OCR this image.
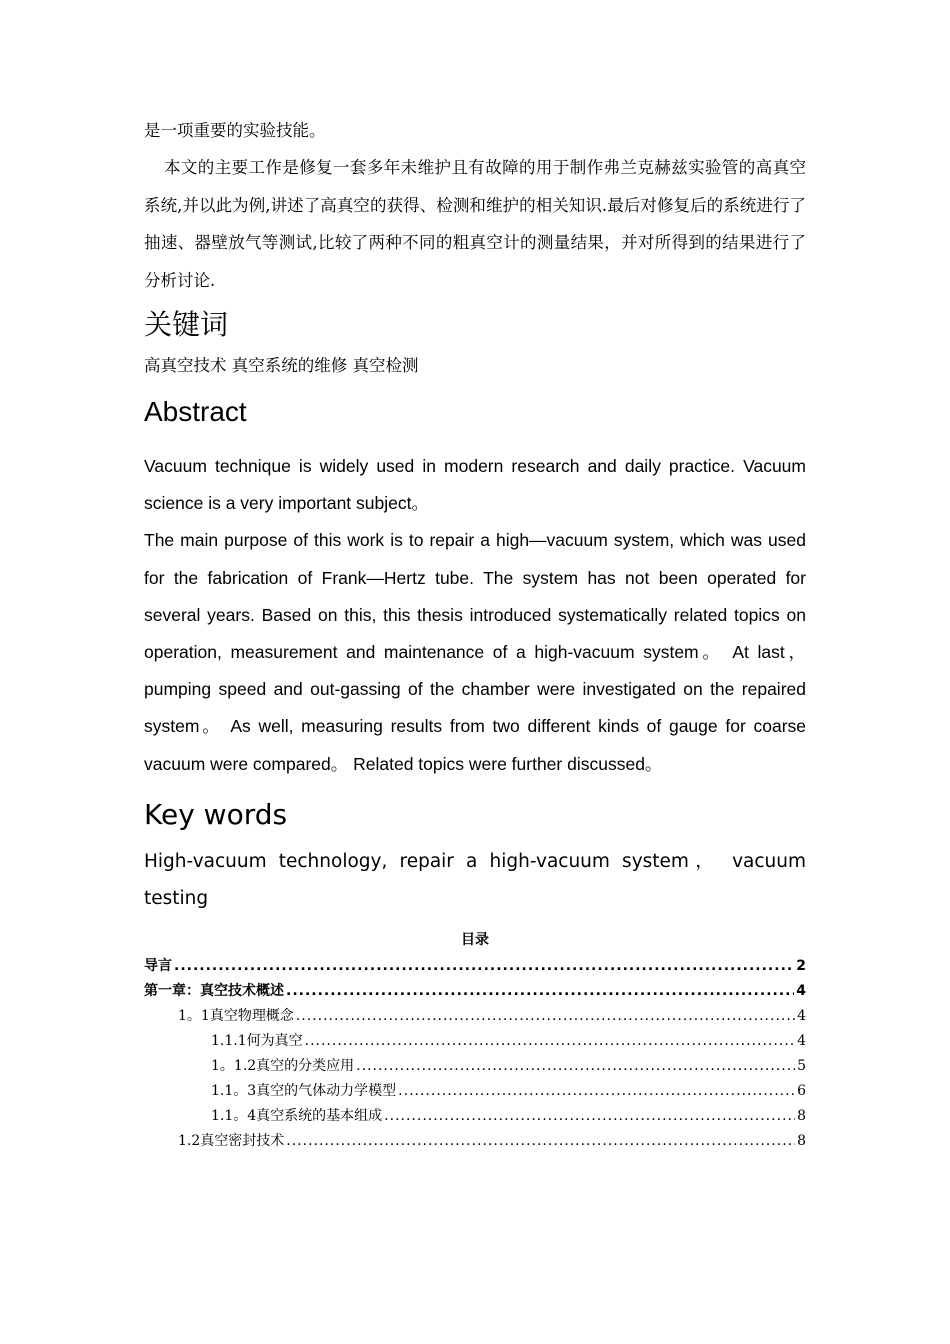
是一项重要的实验技能。

本文的主要工作是修复一套多年未维护且有故障的用于制作弗兰克赫兹实验管的高真空系统,并以此为例,讲述了高真空的获得、检测和维护的相关知识.最后对修复后的系统进行了抽速、器壁放气等测试,比较了两种不同的粗真空计的测量结果，并对所得到的结果进行了分析讨论.

关键词

高真空技术 真空系统的维修 真空检测

Abstract

Vacuum technique is widely used in modern research and daily practice. Vacuum science is a very important subject。

The main purpose of this work is to repair a high—vacuum system, which was used for the fabrication of Frank—Hertz tube. The system has not been operated for several years. Based on this, this thesis introduced systematically related topics on operation, measurement and maintenance of a high-vacuum system。 At last， pumping speed and out-gassing of the chamber were investigated on the repaired system。 As well, measuring results from two different kinds of gauge for coarse vacuum were compared。 Related topics were further discussed。

Key words

High-vacuum technology, repair a high-vacuum system， vacuum testing

目录
导言 .....	2
第一章：真空技术概述 .....	4
1。1真空物理概念 .....	4
1.1.1何为真空 .....	4
1。1.2真空的分类应用 .....	5
1.1。3真空的气体动力学模型 .....	6
1.1。4真空系统的基本组成 .....	8
1.2真空密封技术 .....	8
